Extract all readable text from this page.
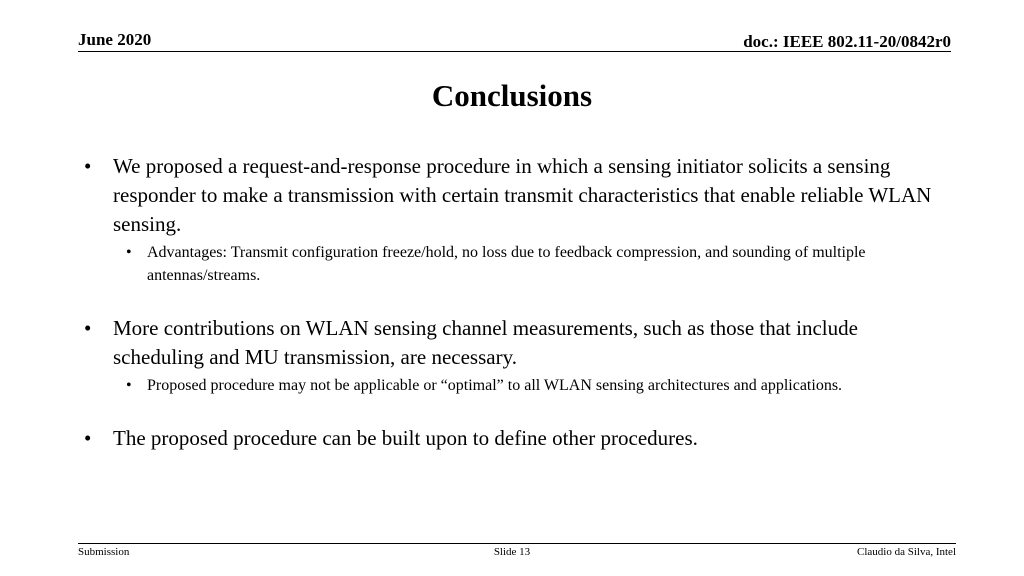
June 2020	doc.: IEEE 802.11-20/0842r0
Conclusions
• We proposed a request-and-response procedure in which a sensing initiator solicits a sensing responder to make a transmission with certain transmit characteristics that enable reliable WLAN sensing.
• Advantages: Transmit configuration freeze/hold, no loss due to feedback compression, and sounding of multiple antennas/streams.
• More contributions on WLAN sensing channel measurements, such as those that include scheduling and MU transmission, are necessary.
• Proposed procedure may not be applicable or “optimal” to all WLAN sensing architectures and applications.
• The proposed procedure can be built upon to define other procedures.
Submission	Slide 13	Claudio da Silva, Intel
